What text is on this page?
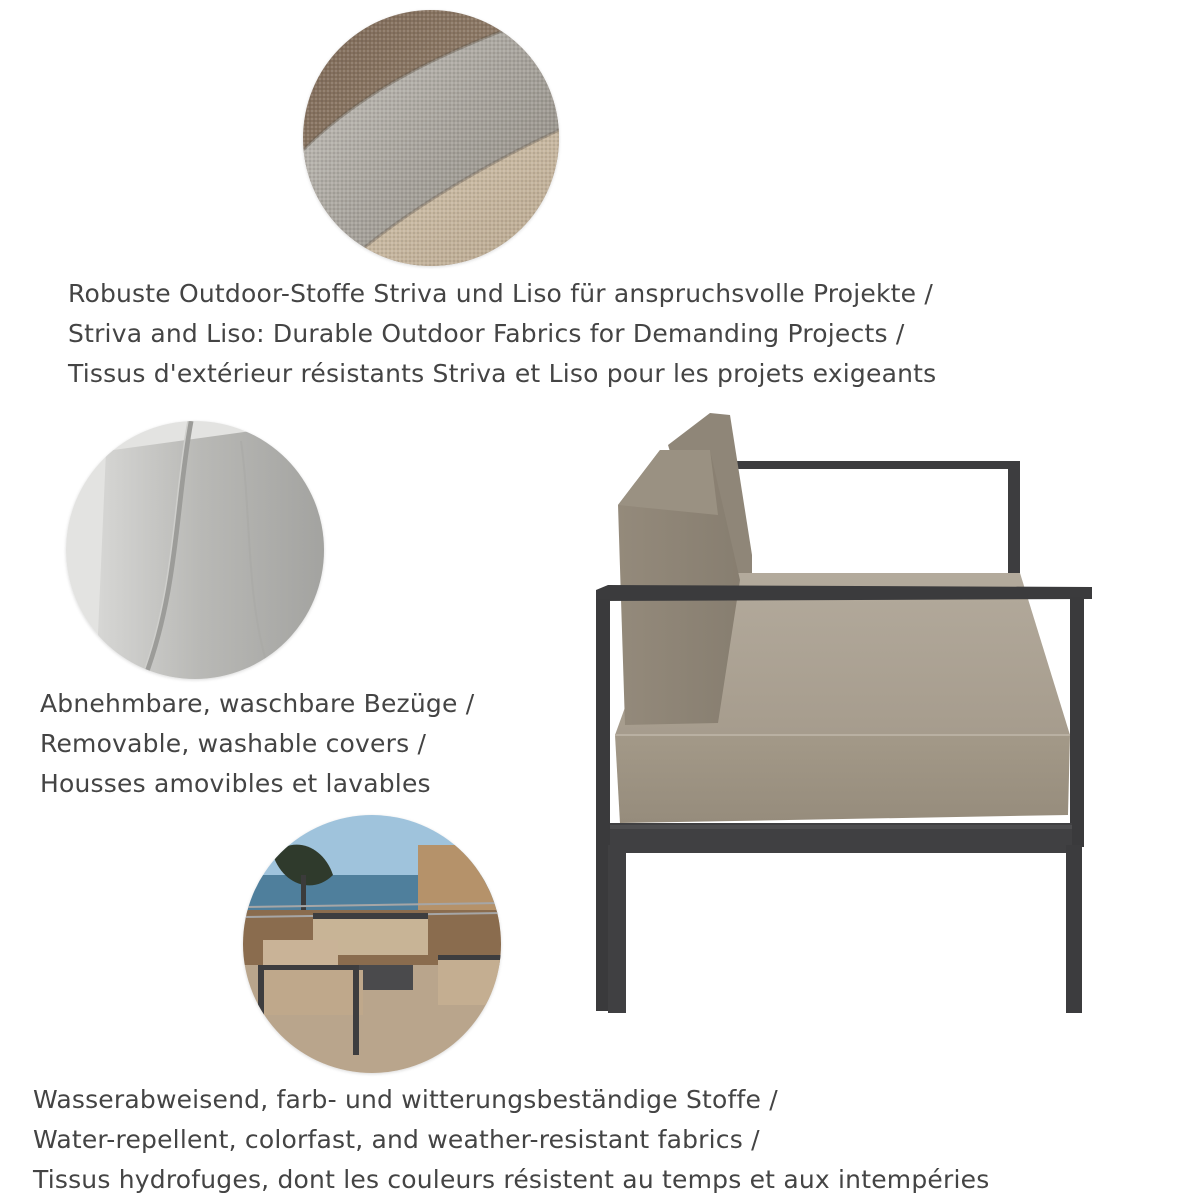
Robuste Outdoor-Stoffe Striva und Liso für anspruchsvolle Projekte /
Striva and Liso: Durable Outdoor Fabrics for Demanding Projects /
Tissus d'extérieur résistants Striva et Liso pour les projets exigeants

Abnehmbare, waschbare Bezüge /
Removable, washable covers /
Housses amovibles et lavables

Wasserabweisend, farb- und witterungsbeständige Stoffe /
Water-repellent, colorfast, and weather-resistant fabrics /
Tissus hydrofuges, dont les couleurs résistent au temps et aux intempéries
